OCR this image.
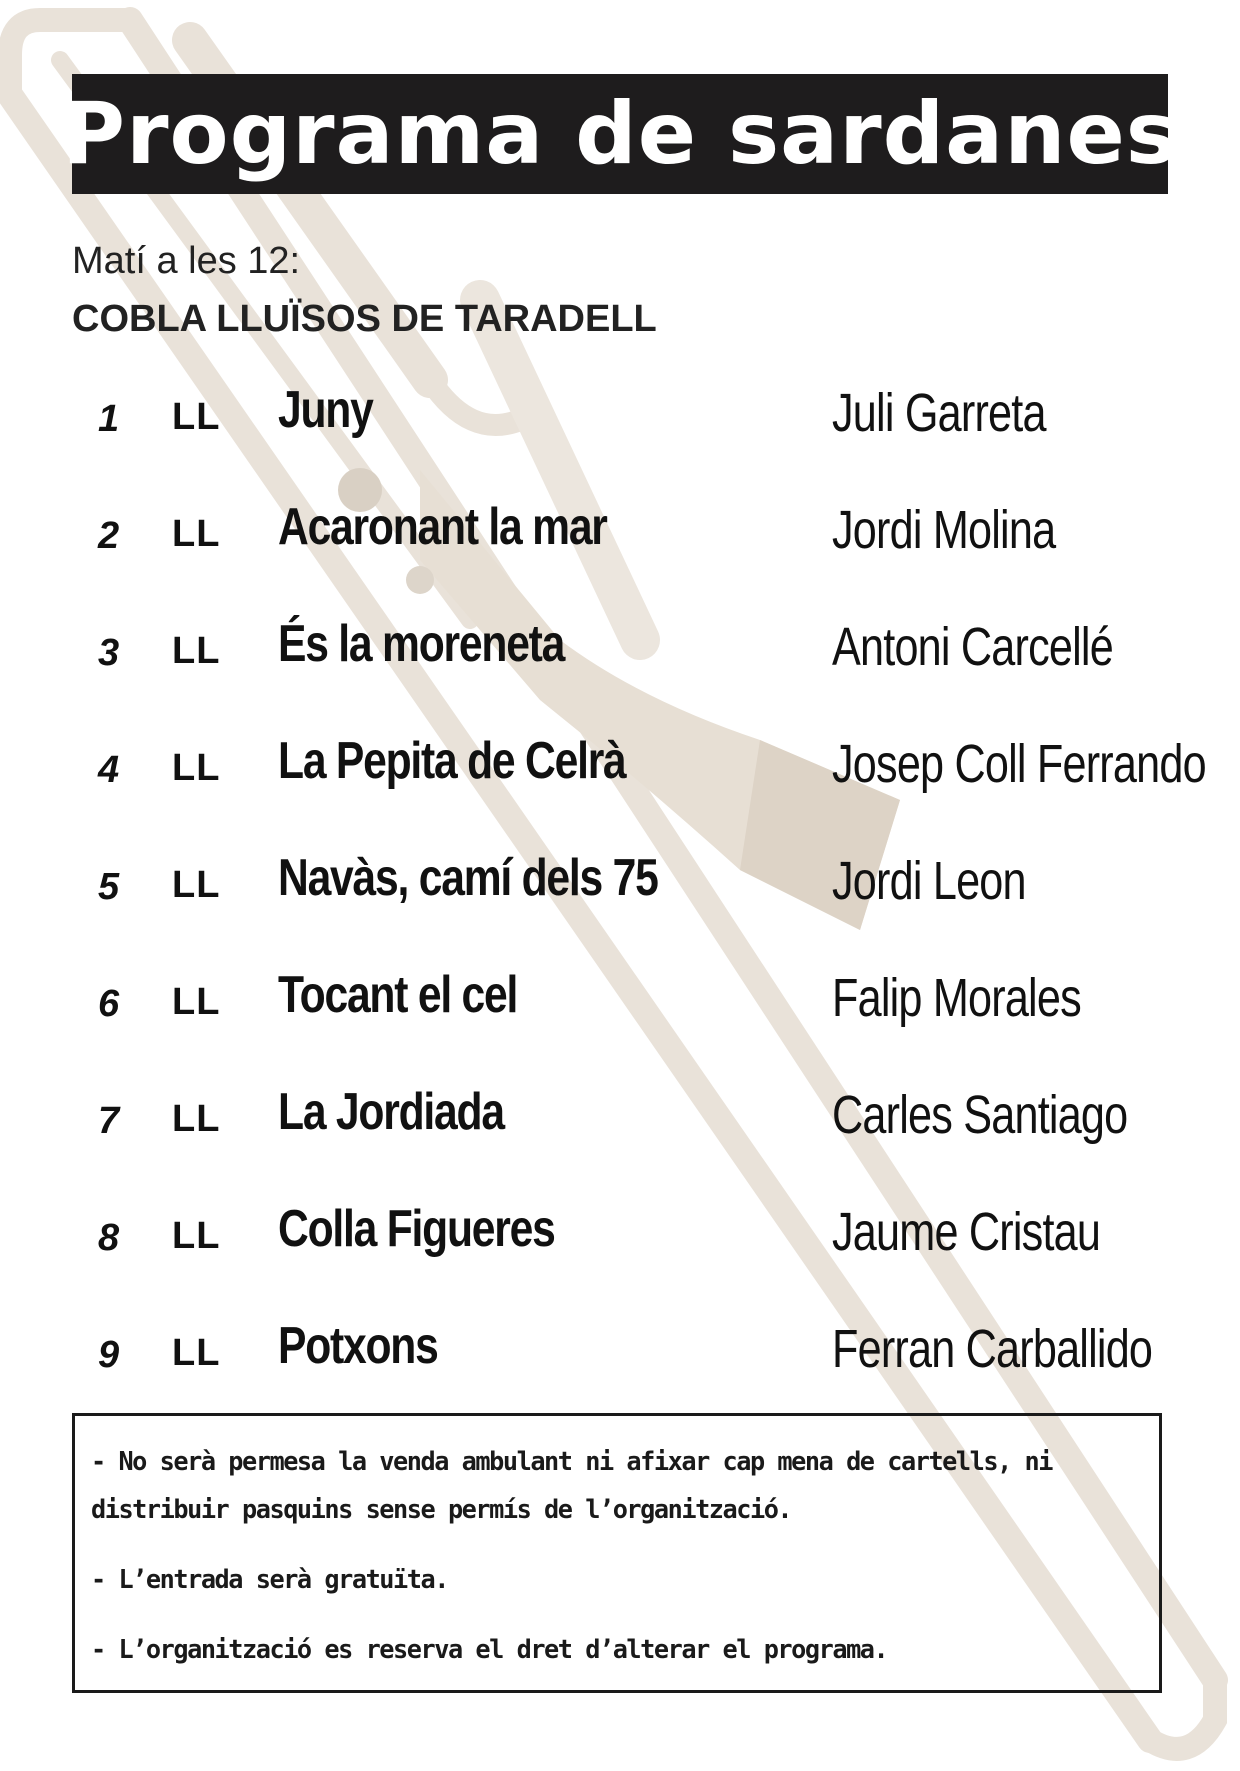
Programa de sardanes
Matí a les 12:
COBLA LLUÏSOS DE TARADELL
1 LL Juny	Juli Garreta
2 LL Acaronant la mar	Jordi Molina
3 LL És la moreneta	Antoni Carcellé
4 LL La Pepita de Celrà	Josep Coll Ferrando
5 LL Navàs, camí dels 75	Jordi Leon
6 LL Tocant el cel	Falip Morales
7 LL La Jordiada	Carles Santiago
8 LL Colla Figueres	Jaume Cristau
9 LL Potxons	Ferran Carballido

- No serà permesa la venda ambulant ni afixar cap mena de cartells, ni distribuir pasquins sense permís de l’organització.

- L’entrada serà gratuïta.

- L’organització es reserva el dret d’alterar el programa.
